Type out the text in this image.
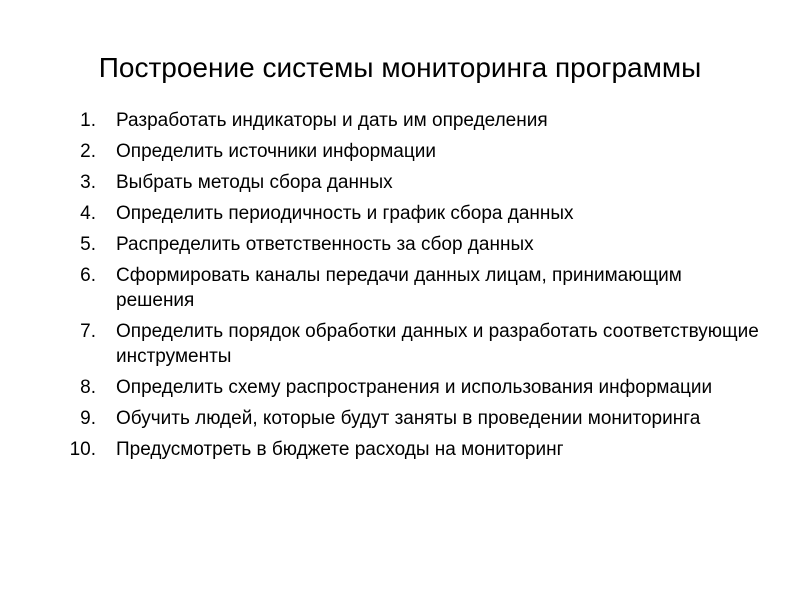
Построение системы мониторинга программы
1.	Разработать индикаторы и дать им определения
2.	Определить источники информации
3.	Выбрать методы сбора данных
4.	Определить периодичность и график сбора данных
5.	Распределить ответственность за сбор данных
6.	Сформировать каналы передачи данных лицам, принимающим решения
7.	Определить порядок обработки данных и разработать соответствующие инструменты
8.	Определить схему распространения и использования информации
9.	Обучить людей, которые будут заняты в проведении мониторинга
10.	Предусмотреть в бюджете расходы на мониторинг
